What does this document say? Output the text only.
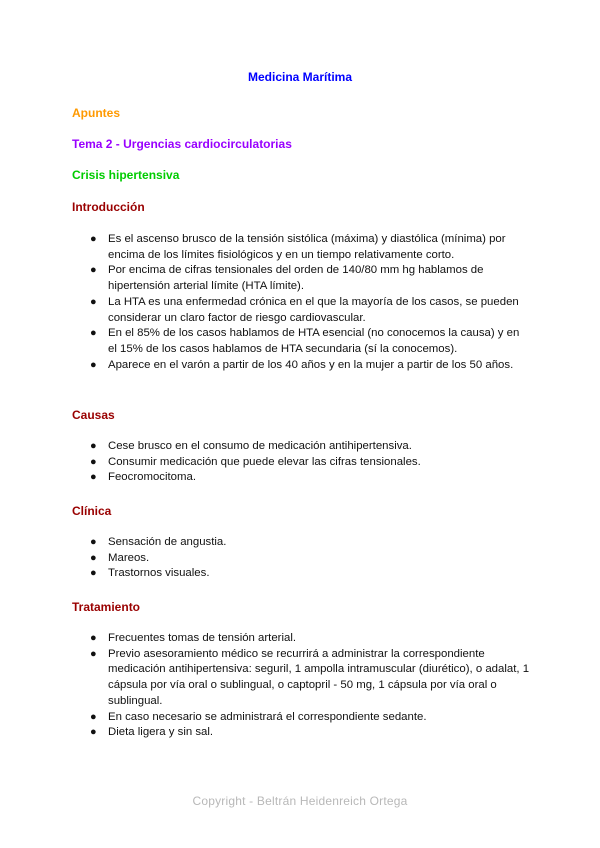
Medicina Marítima
Apuntes
Tema 2 - Urgencias cardiocirculatorias
Crisis hipertensiva
Introducción
● Es el ascenso brusco de la tensión sistólica (máxima) y diastólica (mínima) por encima de los límites fisiológicos y en un tiempo relativamente corto.
● Por encima de cifras tensionales del orden de 140/80 mm hg hablamos de hipertensión arterial límite (HTA límite).
● La HTA es una enfermedad crónica en el que la mayoría de los casos, se pueden considerar un claro factor de riesgo cardiovascular.
● En el 85% de los casos hablamos de HTA esencial (no conocemos la causa) y en el 15% de los casos hablamos de HTA secundaria (sí la conocemos).
● Aparece en el varón a partir de los 40 años y en la mujer a partir de los 50 años.
Causas
● Cese brusco en el consumo de medicación antihipertensiva.
● Consumir medicación que puede elevar las cifras tensionales.
● Feocromocitoma.
Clínica
● Sensación de angustia.
● Mareos.
● Trastornos visuales.
Tratamiento
● Frecuentes tomas de tensión arterial.
● Previo asesoramiento médico se recurrirá a administrar la correspondiente medicación antihipertensiva: seguril, 1 ampolla intramuscular (diurético), o adalat, 1 cápsula por vía oral o sublingual, o captopril - 50 mg, 1 cápsula por vía oral o sublingual.
● En caso necesario se administrará el correspondiente sedante.
● Dieta ligera y sin sal.
Copyright - Beltrán Heidenreich Ortega
